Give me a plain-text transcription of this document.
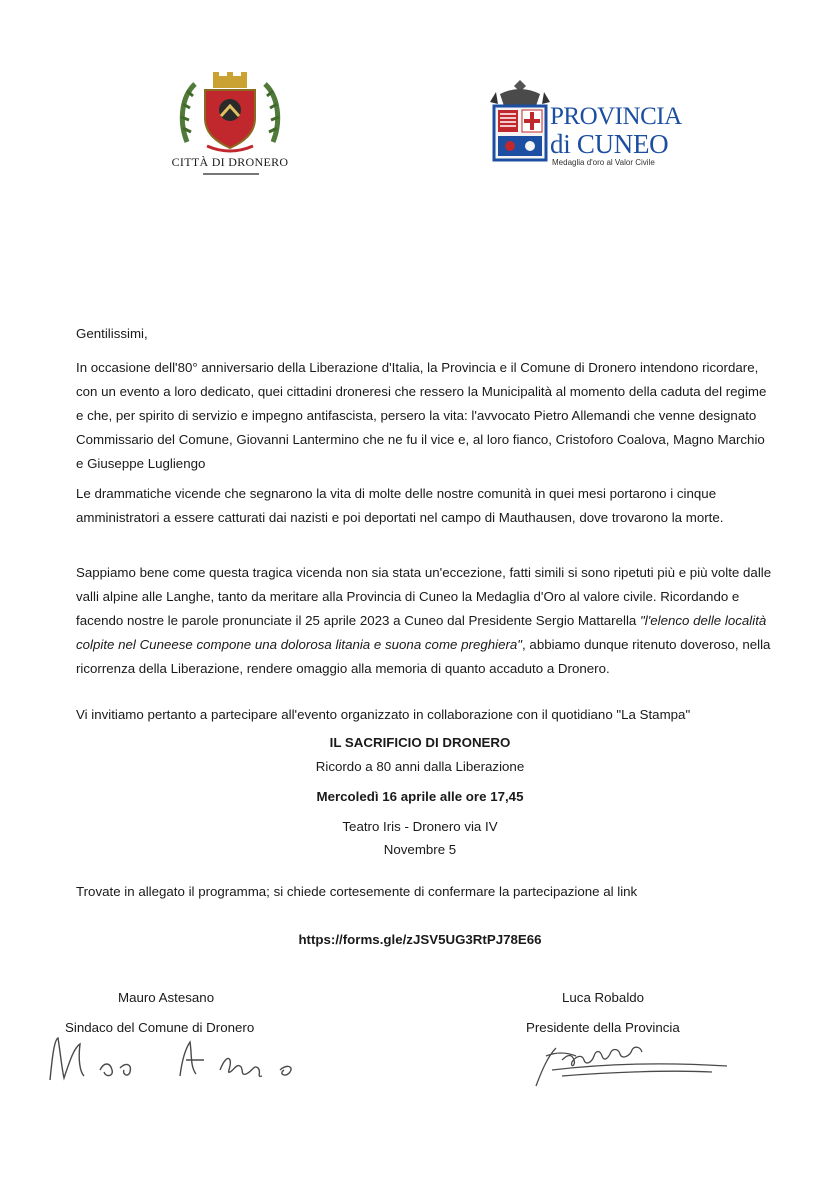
CITTÀ DI DRONERO
PROVINCIA
di CUNEO
Medaglia d'oro al Valor Civile
Gentilissimi,
In occasione dell'80° anniversario della Liberazione d'Italia, la Provincia e il Comune di Dronero intendono ricordare, con un evento a loro dedicato, quei cittadini droneresi che ressero la Municipalità al momento della caduta del regime e che, per spirito di servizio e impegno antifascista, persero la vita: l'avvocato Pietro Allemandi che venne designato Commissario del Comune, Giovanni Lantermino che ne fu il vice e, al loro fianco, Cristoforo Coalova, Magno Marchio e Giuseppe Lugliengo
Le drammatiche vicende che segnarono la vita di molte delle nostre comunità in quei mesi portarono i cinque amministratori a essere catturati dai nazisti e poi deportati nel campo di Mauthausen, dove trovarono la morte.
Sappiamo bene come questa tragica vicenda non sia stata un'eccezione, fatti simili si sono ripetuti più e più volte dalle valli alpine alle Langhe, tanto da meritare alla Provincia di Cuneo la Medaglia d'Oro al valore civile. Ricordando e facendo nostre le parole pronunciate il 25 aprile 2023 a Cuneo dal Presidente Sergio Mattarella "l'elenco delle località colpite nel Cuneese compone una dolorosa litania e suona come preghiera", abbiamo dunque ritenuto doveroso, nella ricorrenza della Liberazione, rendere omaggio alla memoria di quanto accaduto a Dronero.
Vi invitiamo pertanto a partecipare all'evento organizzato in collaborazione con il quotidiano "La Stampa"
IL SACRIFICIO DI DRONERO
Ricordo a 80 anni dalla Liberazione
Mercoledì 16 aprile alle ore 17,45
Teatro Iris - Dronero via IV
Novembre 5
Trovate in allegato il programma; si chiede cortesemente di confermare la partecipazione al link
https://forms.gle/zJSV5UG3RtPJ78E66
Mauro Astesano
Sindaco del Comune di Dronero
Luca Robaldo
Presidente della Provincia
